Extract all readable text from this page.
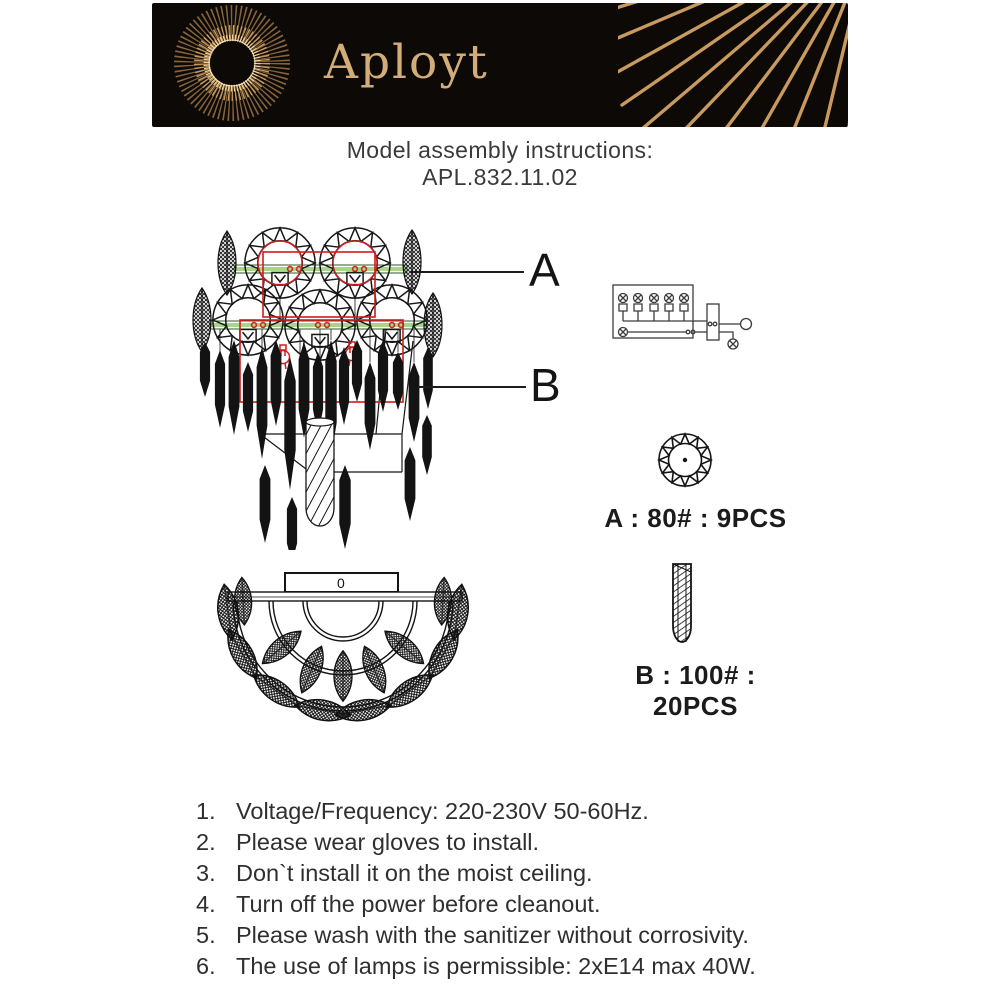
Aployt
Model assembly instructions:
APL.832.11.02
A
B
A : 80# : 9PCS
B : 100# : 20PCS
0
1. Voltage/Frequency: 220-230V 50-60Hz.
2. Please wear gloves to install.
3. Don`t install it on the moist ceiling.
4. Turn off the power before cleanout.
5. Please wash with the sanitizer without corrosivity.
6. The use of lamps is permissible: 2xE14 max 40W.
